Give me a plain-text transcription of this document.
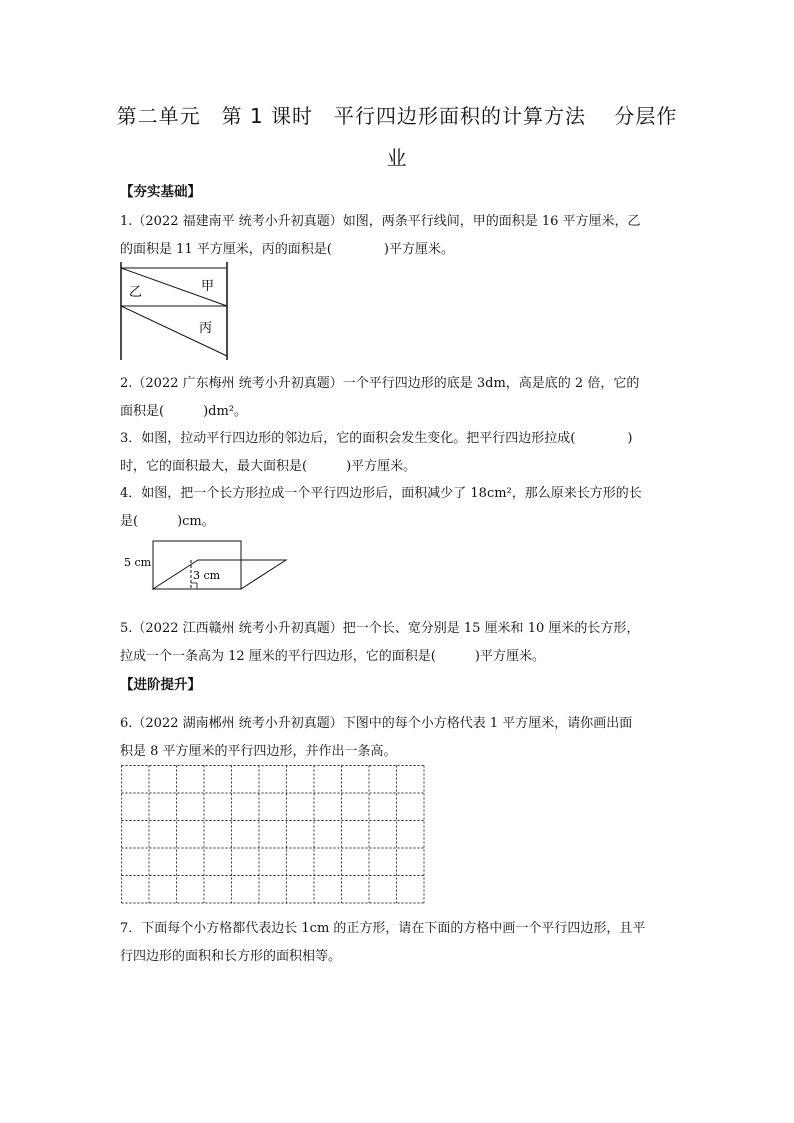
第二单元　第 1 课时　平行四边形面积的计算方法　 分层作
业
【夯实基础】
1.（2022 福建南平 统考小升初真题）如图，两条平行线间，甲的面积是 16 平方厘米，乙
的面积是 11 平方厘米，丙的面积是(　　　　)平方厘米。
乙	甲
丙
2.（2022 广东梅州 统考小升初真题）一个平行四边形的底是 3dm，高是底的 2 倍，它的
面积是(　　　)dm²。
3．如图，拉动平行四边形的邻边后，它的面积会发生变化。把平行四边形拉成(　　　　)
时，它的面积最大，最大面积是(　　　)平方厘米。
4．如图，把一个长方形拉成一个平行四边形后，面积减少了 18cm²，那么原来长方形的长
是(　　　)cm。
5 cm
3 cm
5.（2022 江西赣州 统考小升初真题）把一个长、宽分别是 15 厘米和 10 厘米的长方形，
拉成一个一条高为 12 厘米的平行四边形，它的面积是(　　　)平方厘米。
【进阶提升】
6.（2022 湖南郴州 统考小升初真题）下图中的每个小方格代表 1 平方厘米，请你画出面
积是 8 平方厘米的平行四边形，并作出一条高。
7．下面每个小方格都代表边长 1cm 的正方形，请在下面的方格中画一个平行四边形，且平
行四边形的面积和长方形的面积相等。
